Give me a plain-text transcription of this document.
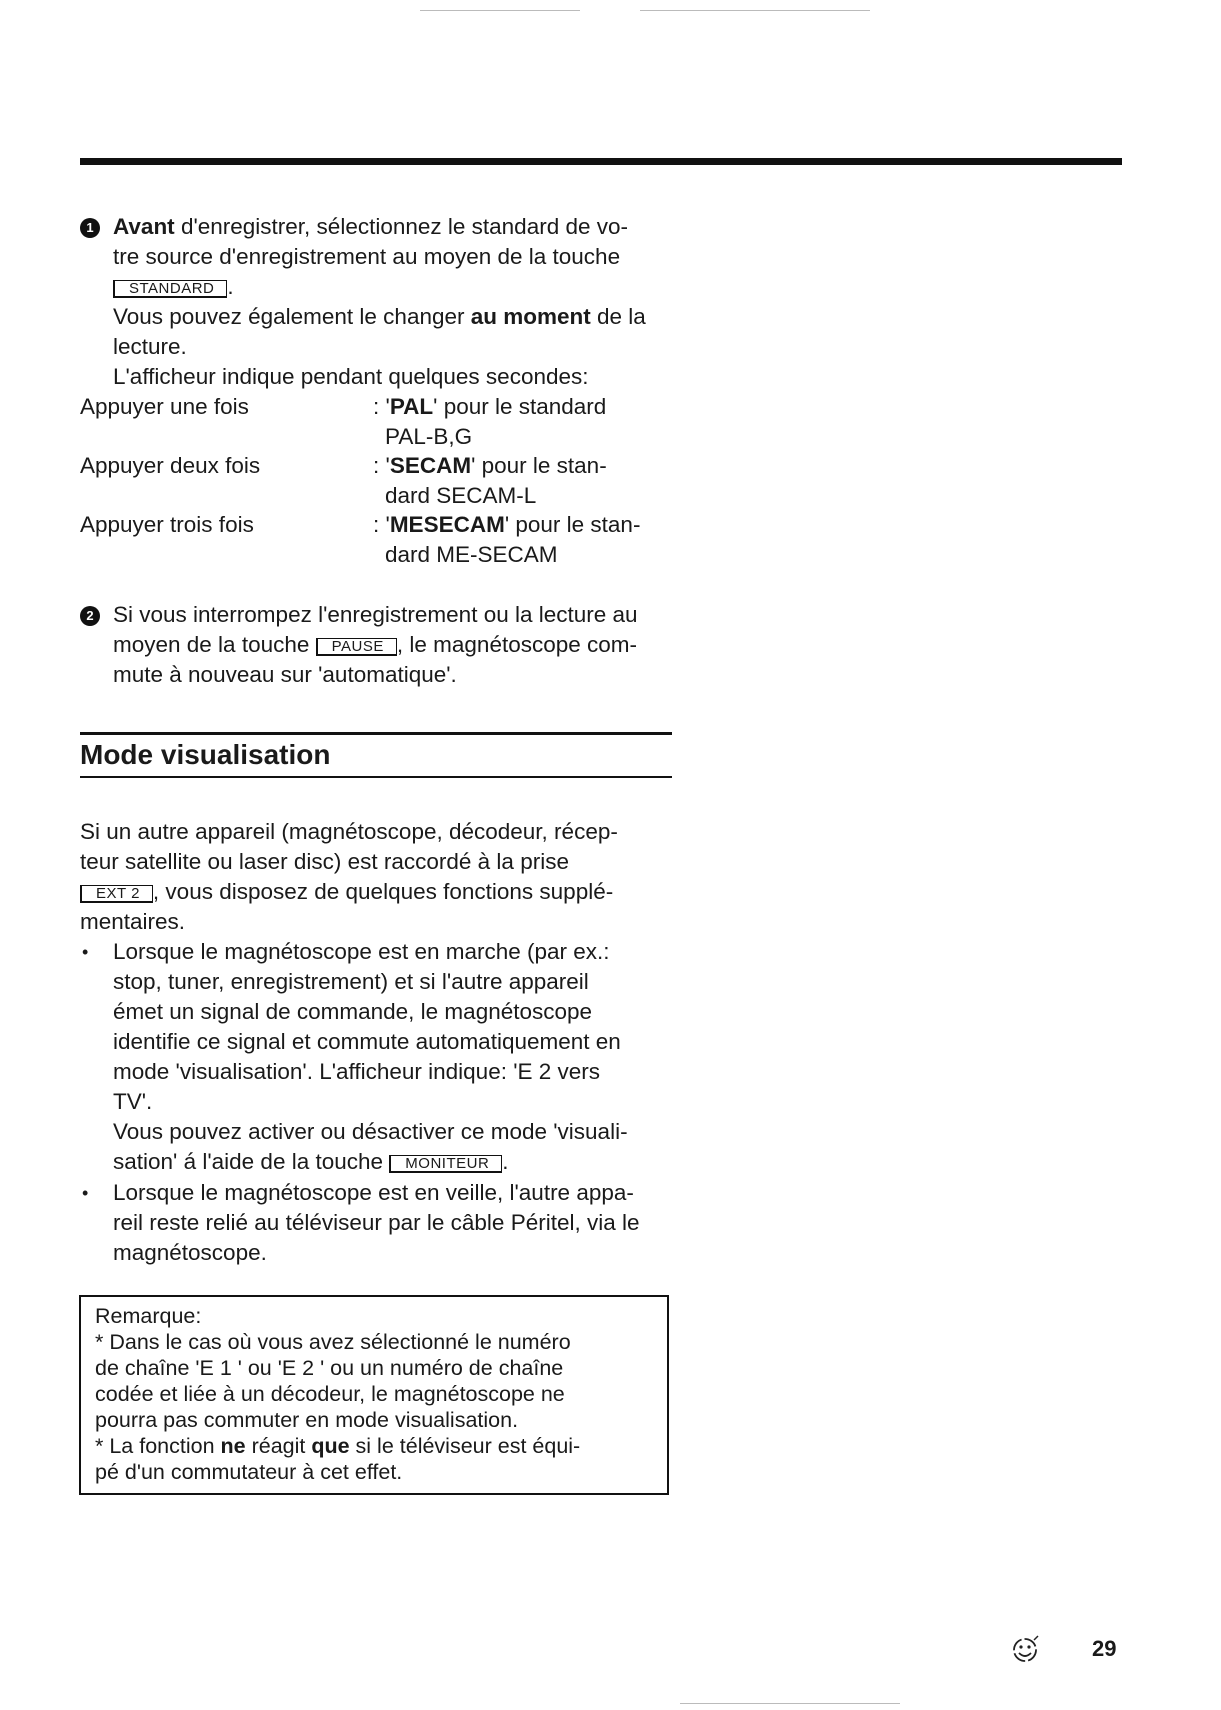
1 Avant d'enregistrer, sélectionnez le standard de vo-
tre source d'enregistrement au moyen de la touche
STANDARD .
Vous pouvez également le changer au moment de la
lecture.
L'afficheur indique pendant quelques secondes:
Appuyer une fois	: 'PAL' pour le standard
PAL-B,G
Appuyer deux fois	: 'SECAM' pour le stan-
dard SECAM-L
Appuyer trois fois	: 'MESECAM' pour le stan-
dard ME-SECAM
2 Si vous interrompez l'enregistrement ou la lecture au
moyen de la touche PAUSE , le magnétoscope com-
mute à nouveau sur 'automatique'.
Mode visualisation
Si un autre appareil (magnétoscope, décodeur, récep-
teur satellite ou laser disc) est raccordé à la prise
EXT 2 , vous disposez de quelques fonctions supplé-
mentaires.
• Lorsque le magnétoscope est en marche (par ex.:
stop, tuner, enregistrement) et si l'autre appareil
émet un signal de commande, le magnétoscope
identifie ce signal et commute automatiquement en
mode 'visualisation'. L'afficheur indique: 'E 2 vers
TV'.
Vous pouvez activer ou désactiver ce mode 'visuali-
sation' á l'aide de la touche MONITEUR .
• Lorsque le magnétoscope est en veille, l'autre appa-
reil reste relié au téléviseur par le câble Péritel, via le
magnétoscope.
Remarque:
* Dans le cas où vous avez sélectionné le numéro
de chaîne 'E 1 ' ou 'E 2 ' ou un numéro de chaîne
codée et liée à un décodeur, le magnétoscope ne
pourra pas commuter en mode visualisation.
* La fonction ne réagit que si le téléviseur est équi-
pé d'un commutateur à cet effet.
29
